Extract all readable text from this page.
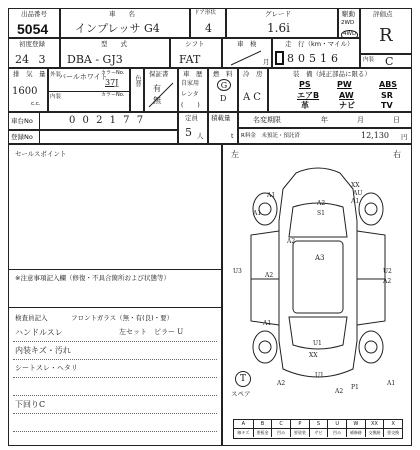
出品番号
5054
車　　名
インプレッサ G4
ドア形状
4
グレード
1.6i
駆動
2WD
4WD
評価点
R
初度登録
24 3
型　　式
DBA - GJ3
シフト
FAT
車　検
月
走　行（km・マイル）
80516	内装 C
排　気　量
1600
c.c.
外装
パールホワイト
カラーNo.
37J
内装	カラーNo.
色替
保証書
有
無
車　歴
自家用
レンタ
(　)
燃　料
G
D
冷　房
AC
装　備（純正部品に限る）
PS	PW	ABS
エアB AW	SR
革	ナビ	TV
車台No	0 0 2 1 7 7	定員
5 人
積載量
t
名変期限	年	月	日
登録No	R料金　未預託・預託済	12,130 円
セールスポイント
※注意事項記入欄（修復・不具合箇所および状態等）
検査員記入	フロントガラス（無・有(良)・要）
ハンドルスレ	左セット　ピラー U
内装キズ・汚れ
シートスレ・ヘタリ
下回りC
左	右
XX
AU
A1
A1
A2
A1	S1
A2
A3
U3
A2
U2
A2
A1
U1
XX
A2
P1
U1
A2
A1
T
スペア
A	B	C	P	S	U	W	XX	X
線キズ	要板金	凹み	要塗装	サビ	凹み	補修跡	交換跡	要交換
